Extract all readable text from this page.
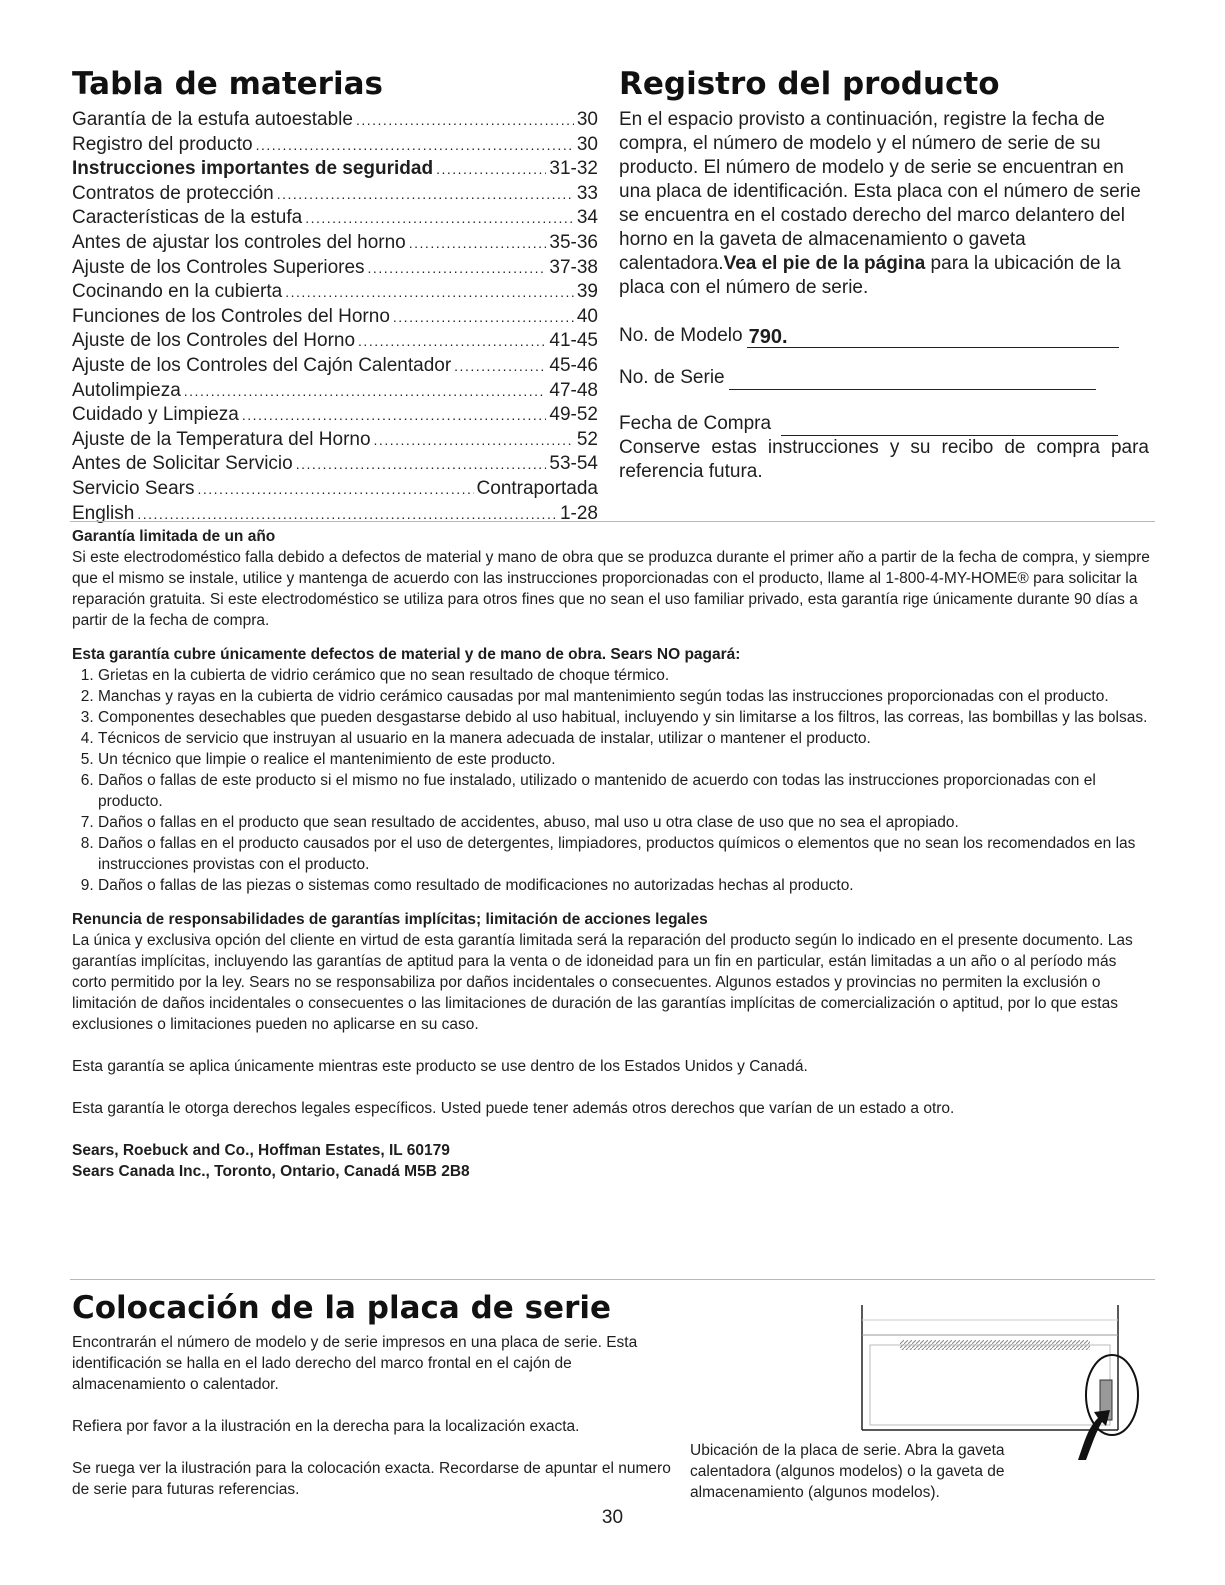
Tabla de materias
Garantía de la estufa autoestable .....	30
Registro del producto .....	30
Instrucciones importantes de seguridad .....	31-32
Contratos de protección .....	33
Características de la estufa .....	34
Antes de ajustar los controles del horno .....	35-36
Ajuste de los Controles Superiores .....	37-38
Cocinando en la cubierta .....	39
Funciones de los Controles del Horno .....	40
Ajuste de los Controles del Horno .....	41-45
Ajuste de los Controles del Cajón Calentador .....	45-46
Autolimpieza .....	47-48
Cuidado y Limpieza .....	49-52
Ajuste de la Temperatura del Horno .....	52
Antes de Solicitar Servicio .....	53-54
Servicio Sears .....	Contraportada
English .....	1-28
Registro del producto
En el espacio provisto a continuación, registre la fecha de compra, el número de modelo y el número de serie de su producto. El número de modelo y de serie se encuentran en una placa de identificación. Esta placa con el número de serie se encuentra en el costado derecho del marco delantero del horno en la gaveta de almacenamiento o gaveta calentadora.Vea el pie de la página para la ubicación de la placa con el número de serie.
No. de Modelo 790.
No. de Serie
Fecha de Compra
Conserve estas instrucciones y su recibo de compra para referencia futura.
Garantía limitada de un año

Si este electrodoméstico falla debido a defectos de material y mano de obra que se produzca durante el primer año a partir de la fecha de compra, y siempre que el mismo se instale, utilice y mantenga de acuerdo con las instrucciones proporcionadas con el producto, llame al 1-800-4-MY-HOME® para solicitar la reparación gratuita. Si este electrodoméstico se utiliza para otros fines que no sean el uso familiar privado, esta garantía rige únicamente durante 90 días a partir de la fecha de compra.

Esta garantía cubre únicamente defectos de material y de mano de obra. Sears NO pagará:
1. Grietas en la cubierta de vidrio cerámico que no sean resultado de choque térmico.
2. Manchas y rayas en la cubierta de vidrio cerámico causadas por mal mantenimiento según todas las instrucciones proporcionadas con el producto.
3. Componentes desechables que pueden desgastarse debido al uso habitual, incluyendo y sin limitarse a los filtros, las correas, las bombillas y las bolsas.
4. Técnicos de servicio que instruyan al usuario en la manera adecuada de instalar, utilizar o mantener el producto.
5. Un técnico que limpie o realice el mantenimiento de este producto.
6. Daños o fallas de este producto si el mismo no fue instalado, utilizado o mantenido de acuerdo con todas las instrucciones proporcionadas con el producto.
7. Daños o fallas en el producto que sean resultado de accidentes, abuso, mal uso u otra clase de uso que no sea el apropiado.
8. Daños o fallas en el producto causados por el uso de detergentes, limpiadores, productos químicos o elementos que no sean los recomendados en las instrucciones provistas con el producto.
9. Daños o fallas de las piezas o sistemas como resultado de modificaciones no autorizadas hechas al producto.
Renuncia de responsabilidades de garantías implícitas; limitación de acciones legales

La única y exclusiva opción del cliente en virtud de esta garantía limitada será la reparación del producto según lo indicado en el presente documento. Las garantías implícitas, incluyendo las garantías de aptitud para la venta o de idoneidad para un fin en particular, están limitadas a un año o al período más corto permitido por la ley. Sears no se responsabiliza por daños incidentales o consecuentes. Algunos estados y provincias no permiten la exclusión o limitación de daños incidentales o consecuentes o las limitaciones de duración de las garantías implícitas de comercialización o aptitud, por lo que estas exclusiones o limitaciones pueden no aplicarse en su caso.

Esta garantía se aplica únicamente mientras este producto se use dentro de los Estados Unidos y Canadá.

Esta garantía le otorga derechos legales específicos. Usted puede tener además otros derechos que varían de un estado a otro.

Sears, Roebuck and Co., Hoffman Estates, IL 60179
Sears Canada Inc., Toronto, Ontario, Canadá M5B 2B8
Colocación de la placa de serie

Encontrarán el número de modelo y de serie impresos en una placa de serie. Esta identificación se halla en el lado derecho del marco frontal en el cajón de almacenamiento o calentador.

Refiera por favor a la ilustración en la derecha para la localización exacta.

Se ruega ver la ilustración para la colocación exacta. Recordarse de apuntar el numero de serie para futuras referencias.

Ubicación de la placa de serie. Abra la gaveta calentadora (algunos modelos) o la gaveta de almacenamiento (algunos modelos).
30
